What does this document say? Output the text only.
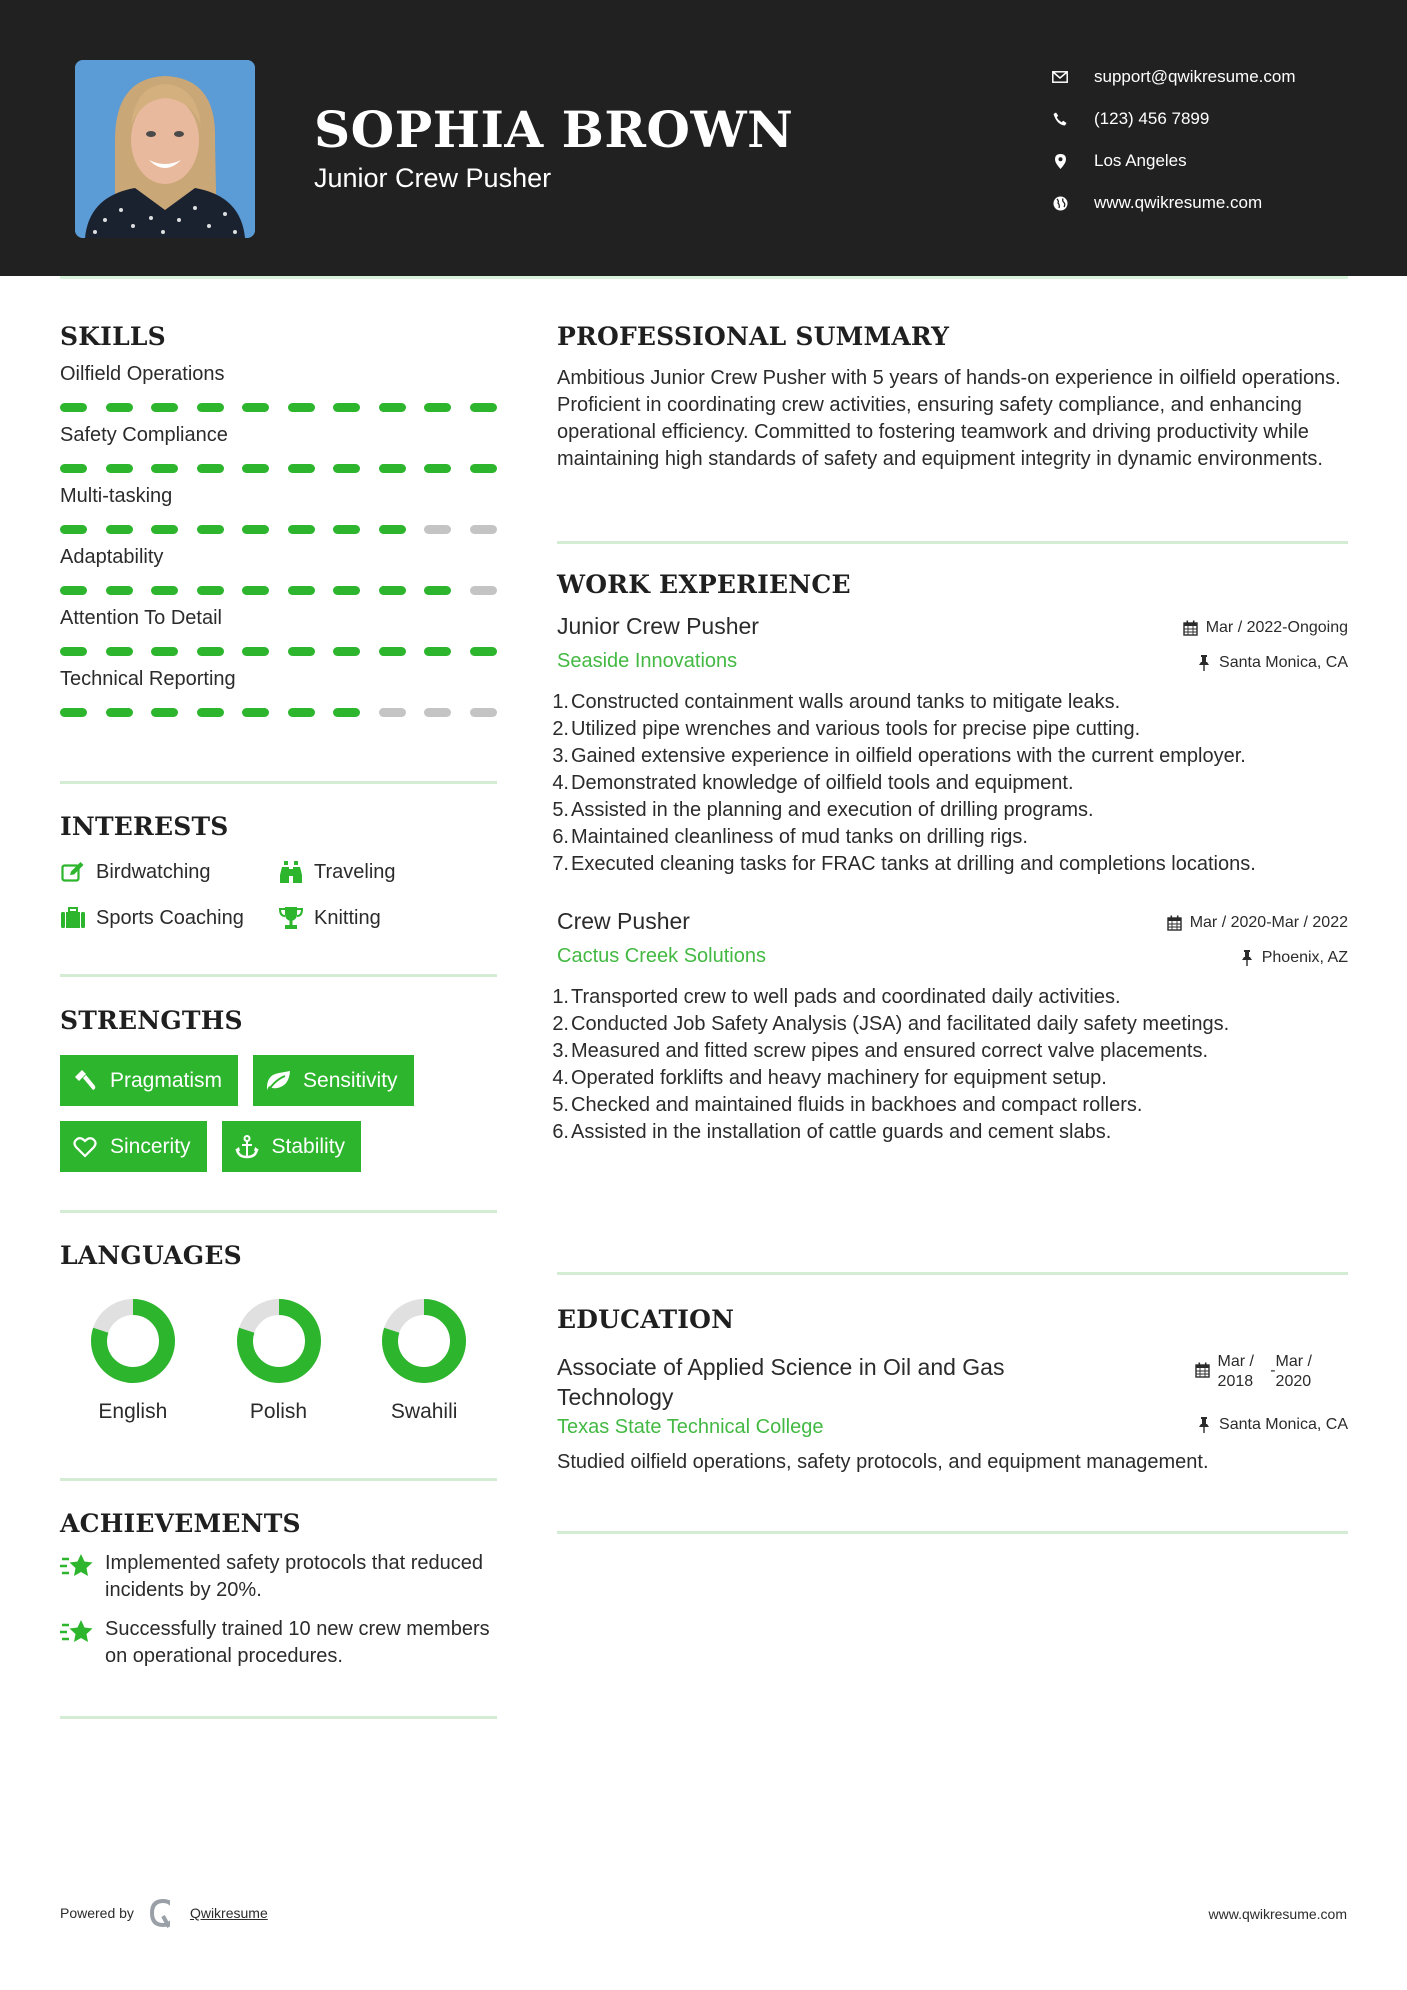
SOPHIA BROWN
Junior Crew Pusher
support@qwikresume.com
(123) 456 7899
Los Angeles
www.qwikresume.com
SKILLS
Oilfield Operations
Safety Compliance
Multi-tasking
Adaptability
Attention To Detail
Technical Reporting
INTERESTS
Birdwatching	Traveling
Sports Coaching	Knitting
STRENGTHS
Pragmatism	Sensitivity
Sincerity	Stability
LANGUAGES
English	Polish	Swahili
ACHIEVEMENTS
Implemented safety protocols that reduced incidents by 20%.
Successfully trained 10 new crew members on operational procedures.
PROFESSIONAL SUMMARY
Ambitious Junior Crew Pusher with 5 years of hands-on experience in oilfield operations. Proficient in coordinating crew activities, ensuring safety compliance, and enhancing operational efficiency. Committed to fostering teamwork and driving productivity while maintaining high standards of safety and equipment integrity in dynamic environments.
WORK EXPERIENCE
Junior Crew Pusher	Mar / 2022-Ongoing
Seaside Innovations	Santa Monica, CA
1. Constructed containment walls around tanks to mitigate leaks.
2. Utilized pipe wrenches and various tools for precise pipe cutting.
3. Gained extensive experience in oilfield operations with the current employer.
4. Demonstrated knowledge of oilfield tools and equipment.
5. Assisted in the planning and execution of drilling programs.
6. Maintained cleanliness of mud tanks on drilling rigs.
7. Executed cleaning tasks for FRAC tanks at drilling and completions locations.
Crew Pusher	Mar / 2020-Mar / 2022
Cactus Creek Solutions	Phoenix, AZ
1. Transported crew to well pads and coordinated daily activities.
2. Conducted Job Safety Analysis (JSA) and facilitated daily safety meetings.
3. Measured and fitted screw pipes and ensured correct valve placements.
4. Operated forklifts and heavy machinery for equipment setup.
5. Checked and maintained fluids in backhoes and compact rollers.
6. Assisted in the installation of cattle guards and cement slabs.
EDUCATION
Associate of Applied Science in Oil and Gas Technology
Mar /
2018
-
Mar /
2020
Texas State Technical College	Santa Monica, CA
Studied oilfield operations, safety protocols, and equipment management.
Powered by	Qwikresume	www.qwikresume.com
